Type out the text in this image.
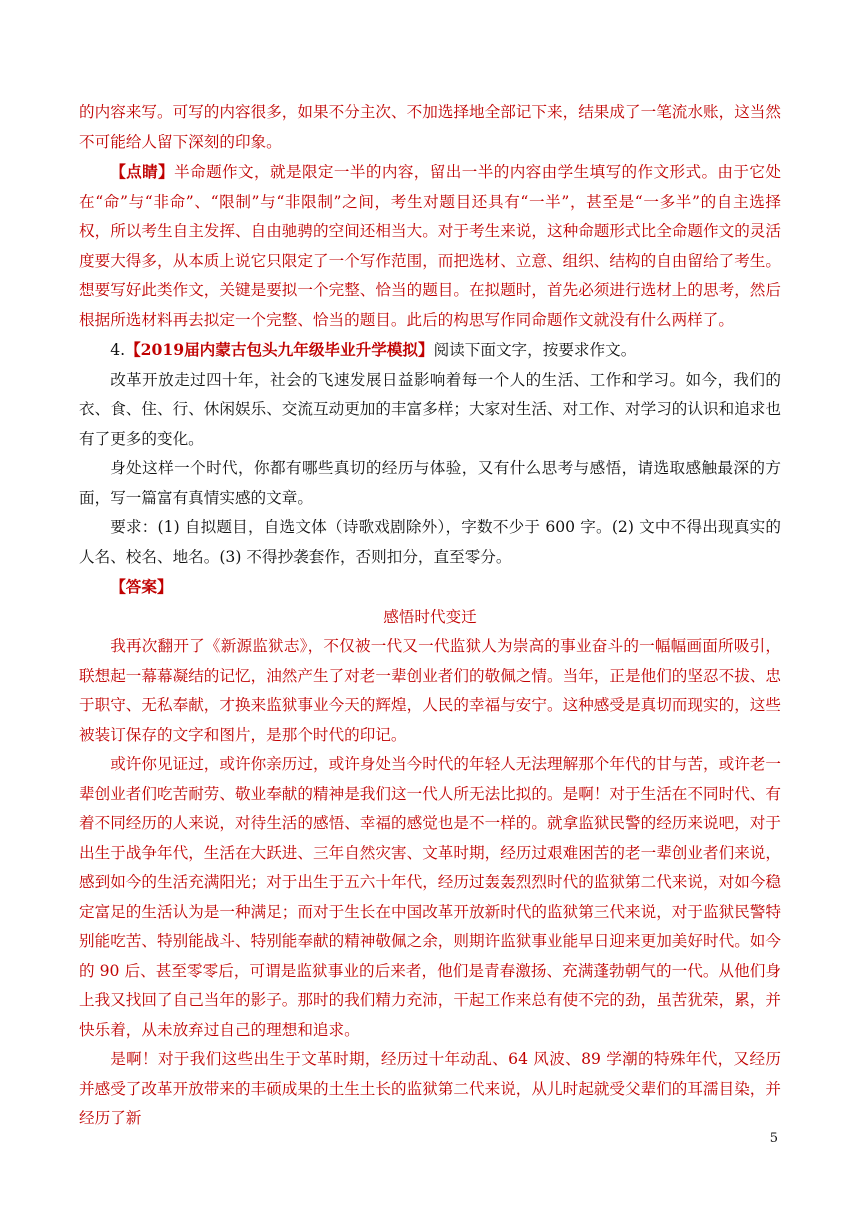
的内容来写。可写的内容很多，如果不分主次、不加选择地全部记下来，结果成了一笔流水账，这当然不可能给人留下深刻的印象。

【点睛】半命题作文，就是限定一半的内容，留出一半的内容由学生填写的作文形式。由于它处在“命”与“非命”、“限制”与“非限制”之间，考生对题目还具有“一半”，甚至是“一多半”的自主选择权，所以考生自主发挥、自由驰骋的空间还相当大。对于考生来说，这种命题形式比全命题作文的灵活度要大得多，从本质上说它只限定了一个写作范围，而把选材、立意、组织、结构的自由留给了考生。想要写好此类作文，关键是要拟一个完整、恰当的题目。在拟题时，首先必须进行选材上的思考，然后根据所选材料再去拟定一个完整、恰当的题目。此后的构思写作同命题作文就没有什么两样了。

4.【2019届内蒙古包头九年级毕业升学模拟】阅读下面文字，按要求作文。

改革开放走过四十年，社会的飞速发展日益影响着每一个人的生活、工作和学习。如今，我们的衣、食、住、行、休闲娱乐、交流互动更加的丰富多样；大家对生活、对工作、对学习的认识和追求也有了更多的变化。

身处这样一个时代，你都有哪些真切的经历与体验，又有什么思考与感悟，请选取感触最深的方面，写一篇富有真情实感的文章。

要求：(1) 自拟题目，自选文体（诗歌戏剧除外），字数不少于 600 字。(2) 文中不得出现真实的人名、校名、地名。(3) 不得抄袭套作，否则扣分，直至零分。

【答案】

感悟时代变迁

我再次翻开了《新源监狱志》，不仅被一代又一代监狱人为崇高的事业奋斗的一幅幅画面所吸引，联想起一幕幕凝结的记忆，油然产生了对老一辈创业者们的敬佩之情。当年，正是他们的坚忍不拔、忠于职守、无私奉献，才换来监狱事业今天的辉煌，人民的幸福与安宁。这种感受是真切而现实的，这些被装订保存的文字和图片，是那个时代的印记。

或许你见证过，或许你亲历过，或许身处当今时代的年轻人无法理解那个年代的甘与苦，或许老一辈创业者们吃苦耐劳、敬业奉献的精神是我们这一代人所无法比拟的。是啊！对于生活在不同时代、有着不同经历的人来说，对待生活的感悟、幸福的感觉也是不一样的。就拿监狱民警的经历来说吧，对于出生于战争年代，生活在大跃进、三年自然灾害、文革时期，经历过艰难困苦的老一辈创业者们来说，感到如今的生活充满阳光；对于出生于五六十年代，经历过轰轰烈烈时代的监狱第二代来说，对如今稳定富足的生活认为是一种满足；而对于生长在中国改革开放新时代的监狱第三代来说，对于监狱民警特别能吃苦、特别能战斗、特别能奉献的精神敬佩之余，则期许监狱事业能早日迎来更加美好时代。如今的 90 后、甚至零零后，可谓是监狱事业的后来者，他们是青春激扬、充满蓬勃朝气的一代。从他们身上我又找回了自己当年的影子。那时的我们精力充沛，干起工作来总有使不完的劲，虽苦犹荣，累，并快乐着，从未放弃过自己的理想和追求。

是啊！对于我们这些出生于文革时期，经历过十年动乱、64 风波、89 学潮的特殊年代，又经历并感受了改革开放带来的丰硕成果的土生土长的监狱第二代来说，从儿时起就受父辈们的耳濡目染，并经历了新

5
